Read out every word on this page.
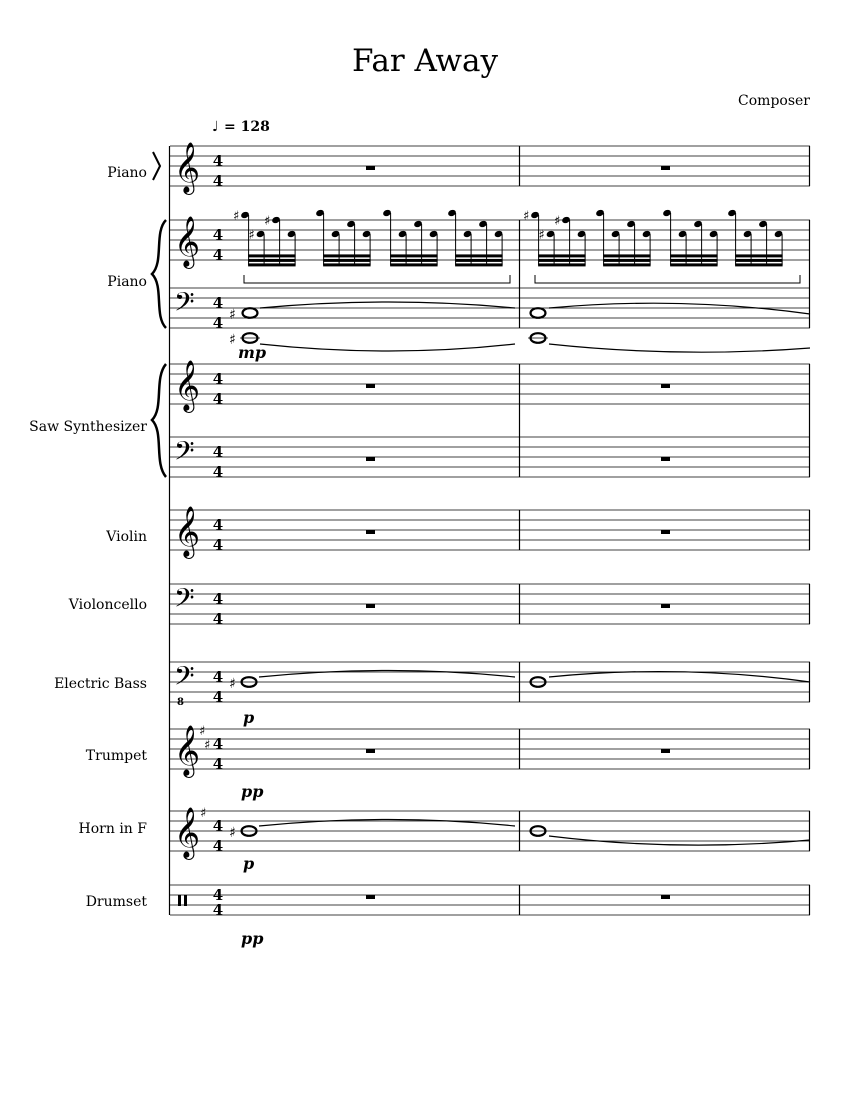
Far Away
Composer
♩ = 128
Piano
Piano
Saw Synthesizer
Violin
Violoncello
Electric Bass
Trumpet
Horn in F
Drumset
𝄞
𝄞
𝄞
𝄞
𝄞
𝄞
𝄢
𝄢
𝄢
𝄢
8
♯
♯
♯
4
4
4
4
4
4
4
4
4
4
4
4
4
4
4
4
4
4
4
4
4
4
♯
♯
♯	♯
♯
♯
♯
♯
♯
♯
mp
p
pp
p
pp
